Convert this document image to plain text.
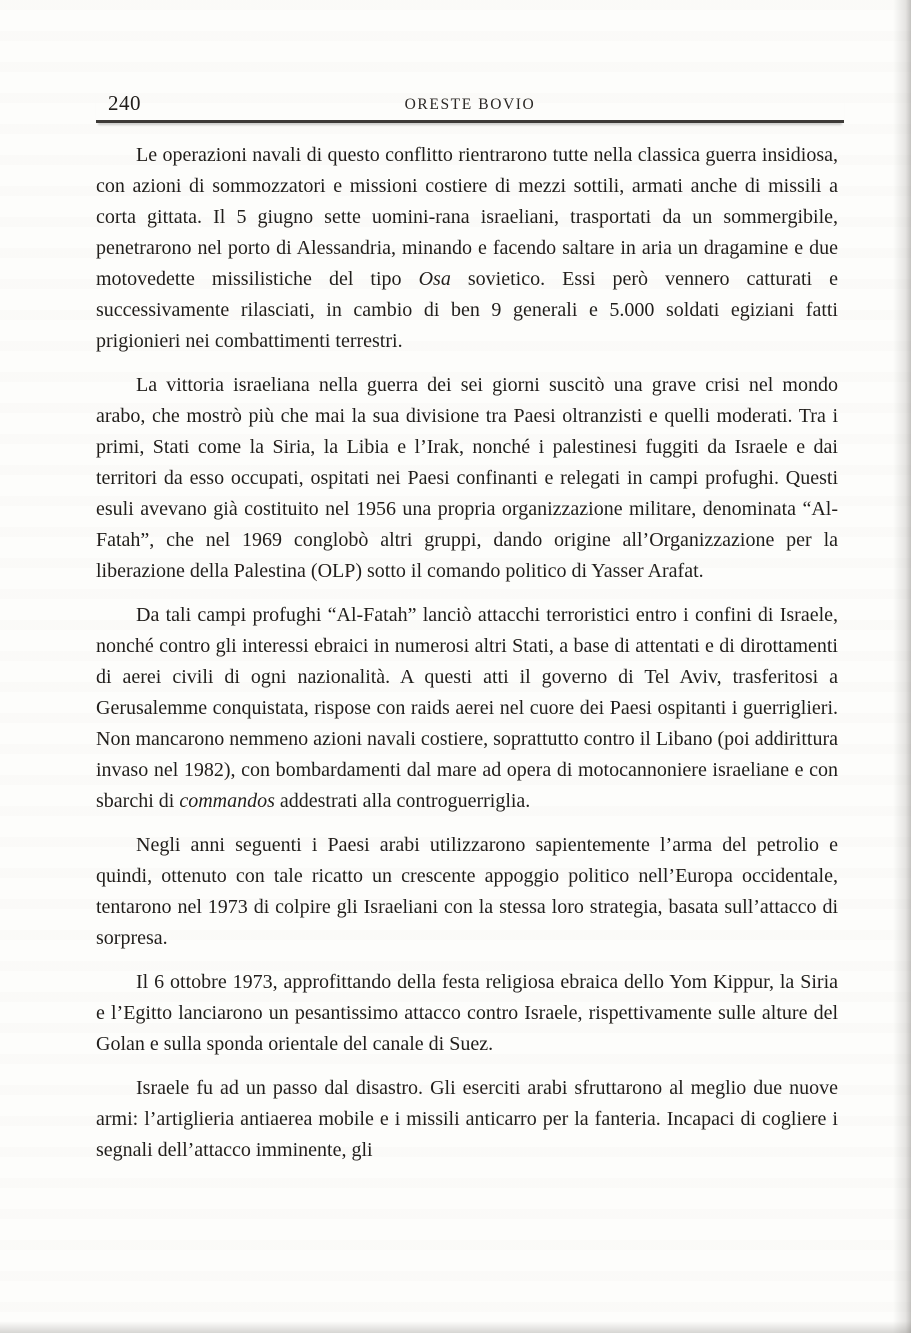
240	ORESTE BOVIO

Le operazioni navali di questo conflitto rientrarono tutte nella classica guerra insidiosa, con azioni di sommozzatori e missioni costiere di mezzi sottili, armati anche di missili a corta gittata. Il 5 giugno sette uomini-rana israeliani, trasportati da un sommergibile, penetrarono nel porto di Alessandria, minando e facendo saltare in aria un dragamine e due motovedette missilistiche del tipo Osa sovietico. Essi però vennero catturati e successivamente rilasciati, in cambio di ben 9 generali e 5.000 soldati egiziani fatti prigionieri nei combattimenti terrestri.

La vittoria israeliana nella guerra dei sei giorni suscitò una grave crisi nel mondo arabo, che mostrò più che mai la sua divisione tra Paesi oltranzisti e quelli moderati. Tra i primi, Stati come la Siria, la Libia e l’Irak, nonché i palestinesi fuggiti da Israele e dai territori da esso occupati, ospitati nei Paesi confinanti e relegati in campi profughi. Questi esuli avevano già costituito nel 1956 una propria organizzazione militare, denominata “Al-Fatah”, che nel 1969 conglobò altri gruppi, dando origine all’Organizzazione per la liberazione della Palestina (OLP) sotto il comando politico di Yasser Arafat.

Da tali campi profughi “Al-Fatah” lanciò attacchi terroristici entro i confini di Israele, nonché contro gli interessi ebraici in numerosi altri Stati, a base di attentati e di dirottamenti di aerei civili di ogni nazionalità. A questi atti il governo di Tel Aviv, trasferitosi a Gerusalemme conquistata, rispose con raids aerei nel cuore dei Paesi ospitanti i guerriglieri. Non mancarono nemmeno azioni navali costiere, soprattutto contro il Libano (poi addirittura invaso nel 1982), con bombardamenti dal mare ad opera di motocannoniere israeliane e con sbarchi di commandos addestrati alla controguerriglia.

Negli anni seguenti i Paesi arabi utilizzarono sapientemente l’arma del petrolio e quindi, ottenuto con tale ricatto un crescente appoggio politico nell’Europa occidentale, tentarono nel 1973 di colpire gli Israeliani con la stessa loro strategia, basata sull’attacco di sorpresa.

Il 6 ottobre 1973, approfittando della festa religiosa ebraica dello Yom Kippur, la Siria e l’Egitto lanciarono un pesantissimo attacco contro Israele, rispettivamente sulle alture del Golan e sulla sponda orientale del canale di Suez.

Israele fu ad un passo dal disastro. Gli eserciti arabi sfruttarono al meglio due nuove armi: l’artiglieria antiaerea mobile e i missili anticarro per la fanteria. Incapaci di cogliere i segnali dell’attacco imminente, gli
